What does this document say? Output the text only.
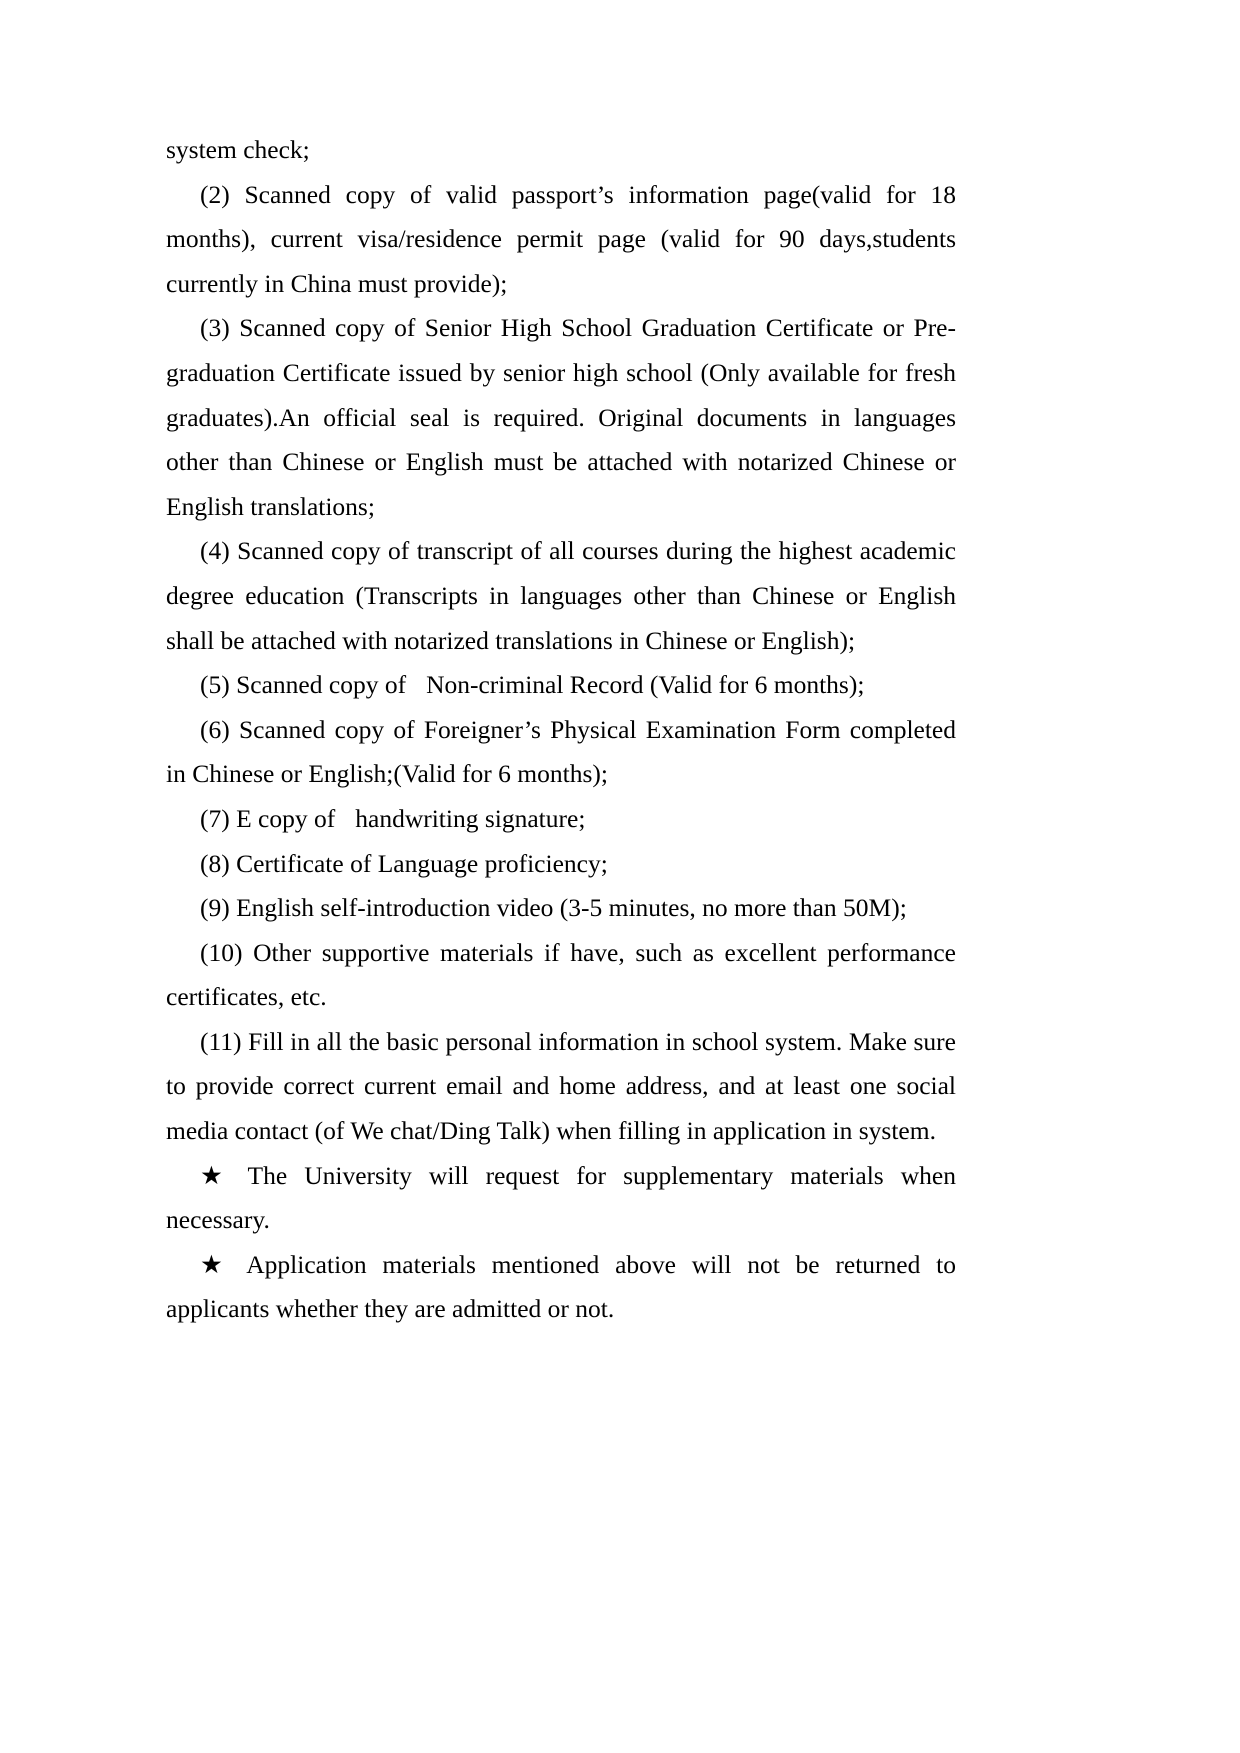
system check;

(2) Scanned copy of valid passport’s information page(valid for 18 months), current visa/residence permit page (valid for 90 days,students currently in China must provide);

(3) Scanned copy of Senior High School Graduation Certificate or Pre-graduation Certificate issued by senior high school (Only available for fresh graduates).An official seal is required. Original documents in languages other than Chinese or English must be attached with notarized Chinese or English translations;

(4) Scanned copy of transcript of all courses during the highest academic degree education (Transcripts in languages other than Chinese or English shall be attached with notarized translations in Chinese or English);

(5) Scanned copy of Non-criminal Record (Valid for 6 months);

(6) Scanned copy of Foreigner’s Physical Examination Form completed in Chinese or English;(Valid for 6 months);

(7) E copy of handwriting signature;

(8) Certificate of Language proficiency;

(9) English self-introduction video (3-5 minutes, no more than 50M);

(10) Other supportive materials if have, such as excellent performance certificates, etc.

(11) Fill in all the basic personal information in school system. Make sure to provide correct current email and home address, and at least one social media contact (of We chat/Ding Talk) when filling in application in system.

★ The University will request for supplementary materials when necessary.

★ Application materials mentioned above will not be returned to applicants whether they are admitted or not.
